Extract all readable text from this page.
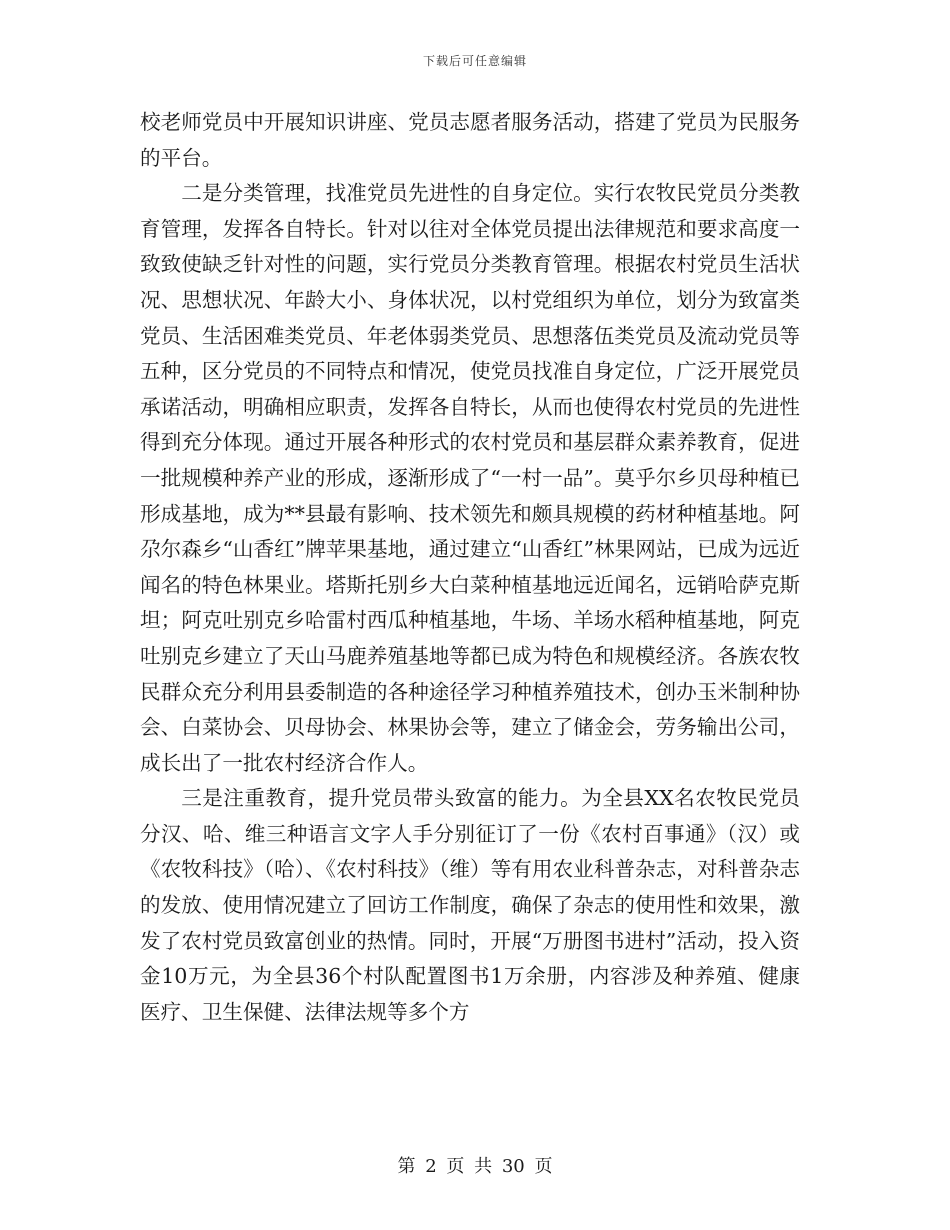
下载后可任意编辑

校老师党员中开展知识讲座、党员志愿者服务活动，搭建了党员为民服务的平台。

二是分类管理，找准党员先进性的自身定位。实行农牧民党员分类教育管理，发挥各自特长。针对以往对全体党员提出法律规范和要求高度一致致使缺乏针对性的问题，实行党员分类教育管理。根据农村党员生活状况、思想状况、年龄大小、身体状况，以村党组织为单位，划分为致富类党员、生活困难类党员、年老体弱类党员、思想落伍类党员及流动党员等五种，区分党员的不同特点和情况，使党员找准自身定位，广泛开展党员承诺活动，明确相应职责，发挥各自特长，从而也使得农村党员的先进性得到充分体现。通过开展各种形式的农村党员和基层群众素养教育，促进一批规模种养产业的形成，逐渐形成了“一村一品”。莫乎尔乡贝母种植已形成基地，成为**县最有影响、技术领先和颇具规模的药材种植基地。阿尕尔森乡“山香红”牌苹果基地，通过建立“山香红”林果网站，已成为远近闻名的特色林果业。塔斯托别乡大白菜种植基地远近闻名，远销哈萨克斯坦；阿克吐别克乡哈雷村西瓜种植基地，牛场、羊场水稻种植基地，阿克吐别克乡建立了天山马鹿养殖基地等都已成为特色和规模经济。各族农牧民群众充分利用县委制造的各种途径学习种植养殖技术，创办玉米制种协会、白菜协会、贝母协会、林果协会等，建立了储金会，劳务输出公司，成长出了一批农村经济合作人。

三是注重教育，提升党员带头致富的能力。为全县XX名农牧民党员分汉、哈、维三种语言文字人手分别征订了一份《农村百事通》（汉）或《农牧科技》（哈）、《农村科技》（维）等有用农业科普杂志，对科普杂志的发放、使用情况建立了回访工作制度，确保了杂志的使用性和效果，激发了农村党员致富创业的热情。同时，开展“万册图书进村”活动，投入资金10万元，为全县36个村队配置图书1万余册，内容涉及种养殖、健康医疗、卫生保健、法律法规等多个方

第 2 页 共 30 页
